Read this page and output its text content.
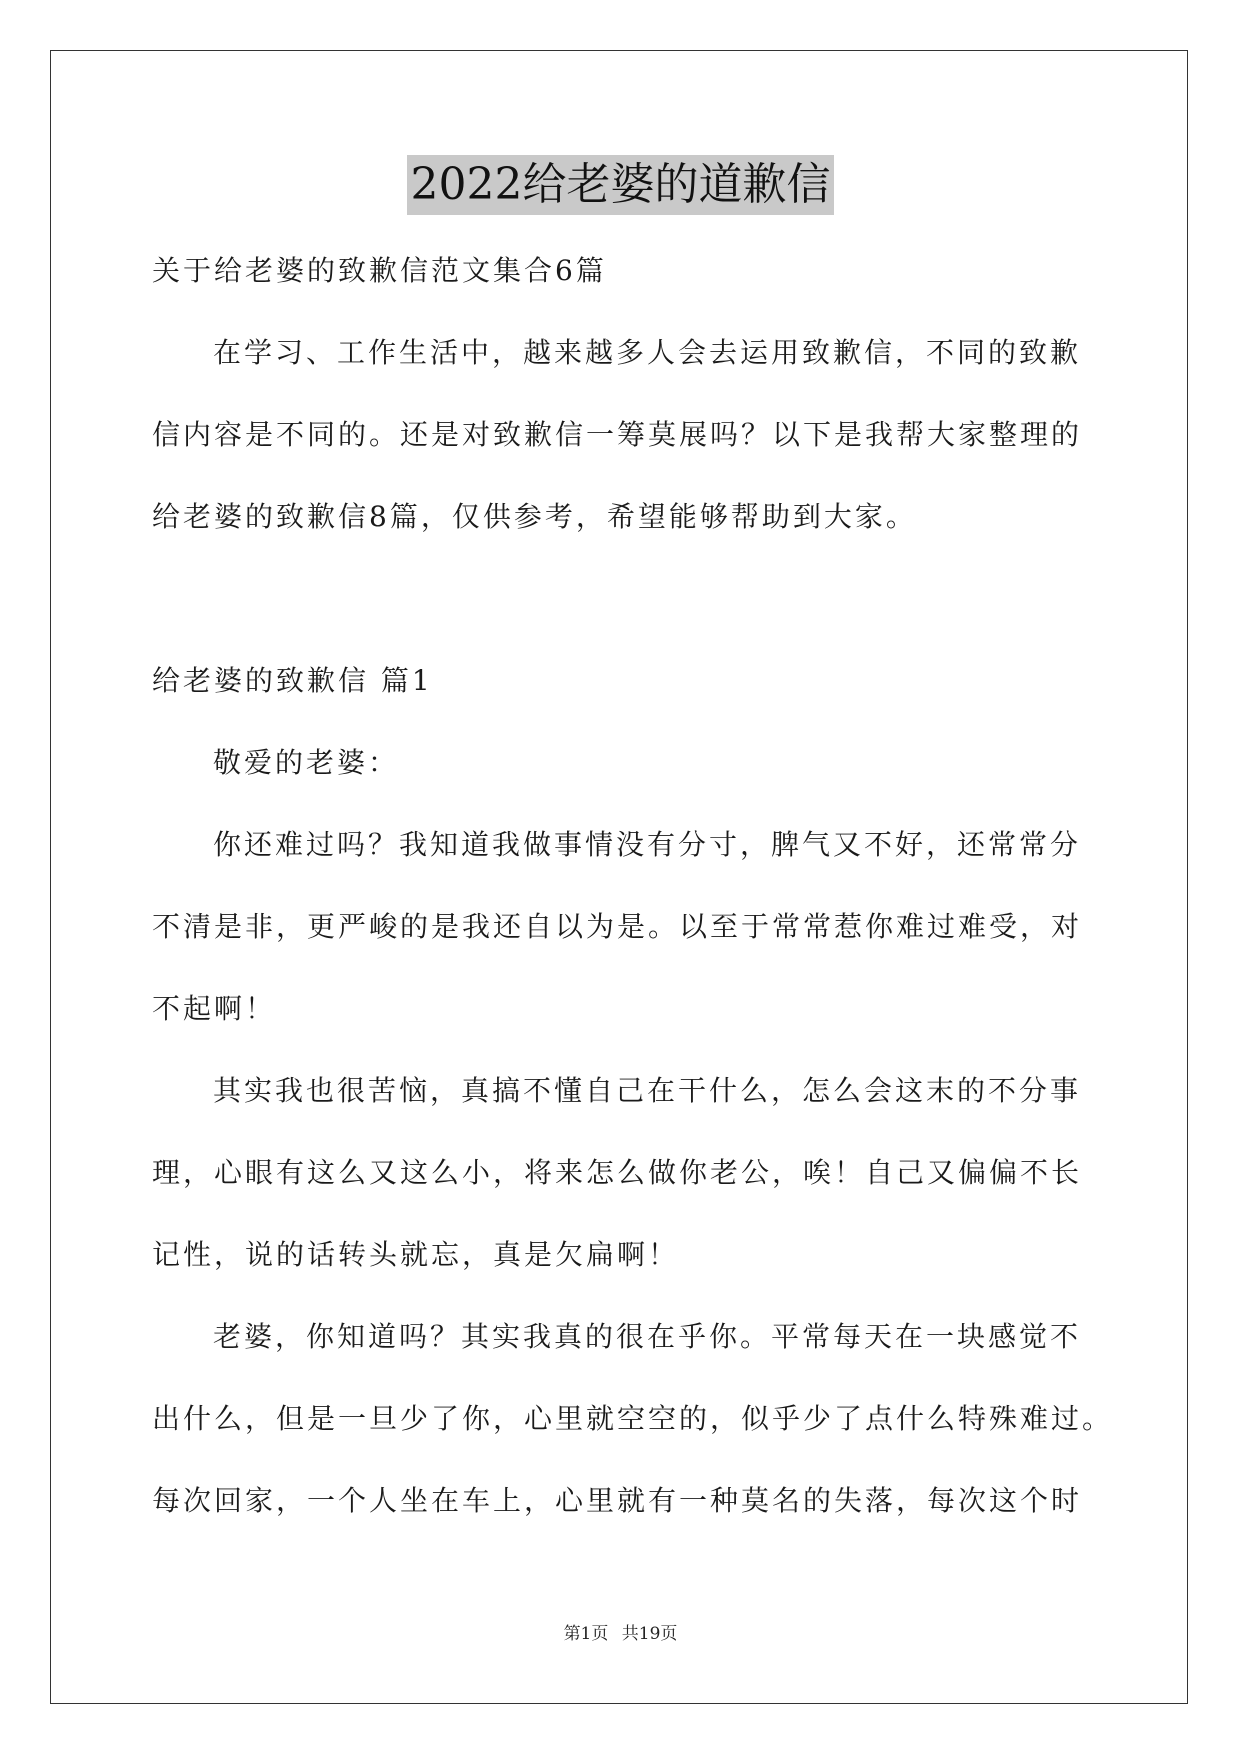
2022给老婆的道歉信

关于给老婆的致歉信范文集合6篇

在学习、工作生活中，越来越多人会去运用致歉信，不同的致歉

信内容是不同的。还是对致歉信一筹莫展吗？以下是我帮大家整理的

给老婆的致歉信8篇，仅供参考，希望能够帮助到大家。

给老婆的致歉信 篇1

敬爱的老婆：

你还难过吗？我知道我做事情没有分寸，脾气又不好，还常常分

不清是非，更严峻的是我还自以为是。以至于常常惹你难过难受，对

不起啊！

其实我也很苦恼，真搞不懂自己在干什么，怎么会这末的不分事

理，心眼有这么又这么小，将来怎么做你老公，唉！自己又偏偏不长

记性，说的话转头就忘，真是欠扁啊！

老婆，你知道吗？其实我真的很在乎你。平常每天在一块感觉不

出什么，但是一旦少了你，心里就空空的，似乎少了点什么特殊难过。

每次回家，一个人坐在车上，心里就有一种莫名的失落，每次这个时

第1页 共19页
